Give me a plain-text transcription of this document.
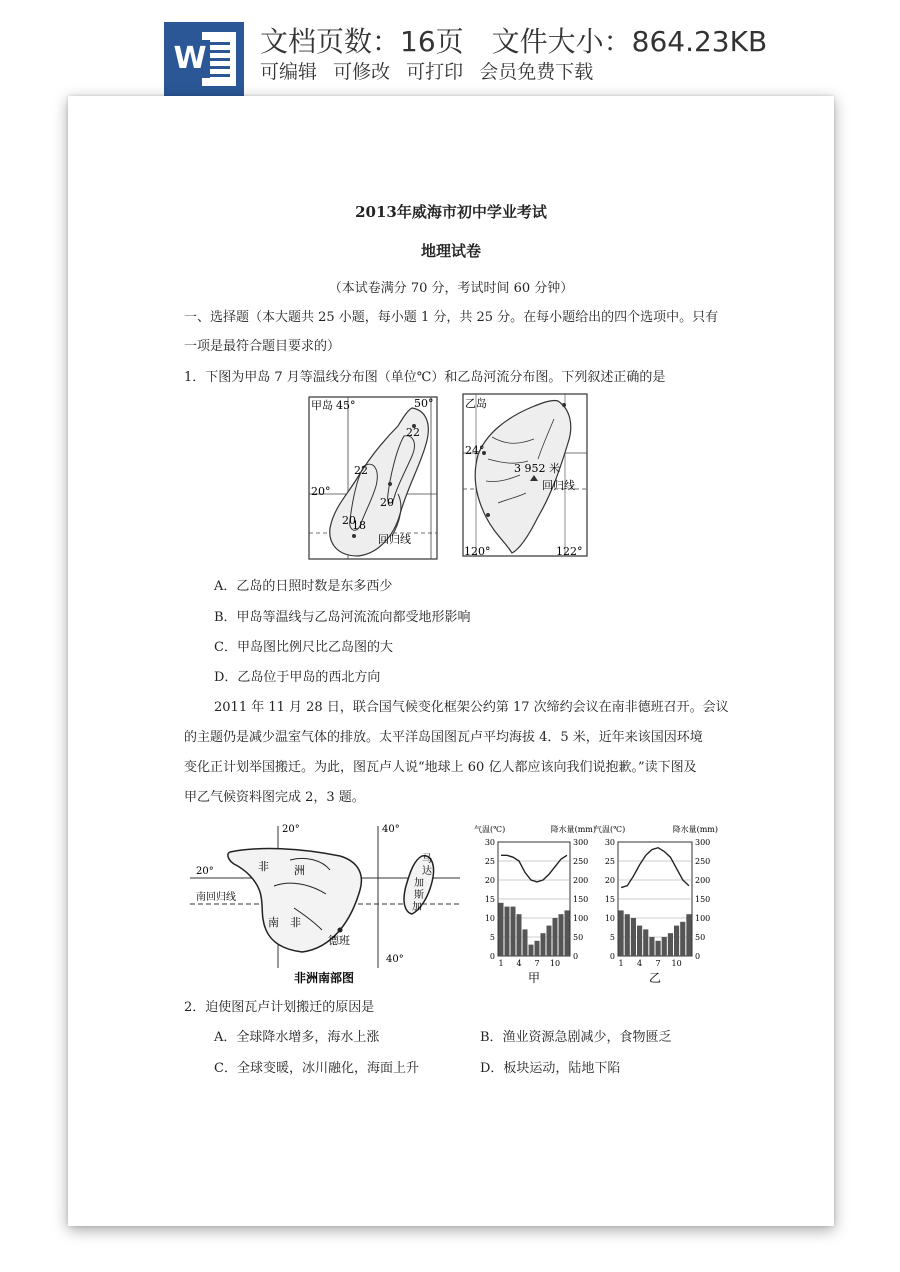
W 文档页数：16页 文件大小：864.23KB
可编辑 可修改 可打印 会员免费下载
2013年威海市初中学业考试
地理试卷
（本试卷满分 70 分，考试时间 60 分钟）
一、选择题（本大题共 25 小题，每小题 1 分，共 25 分。在每小题给出的四个选项中。只有
一项是最符合题目要求的）
1．下图为甲岛 7 月等温线分布图（单位℃）和乙岛河流分布图。下列叙述正确的是
甲岛 45°	50°
20°
22
22
20
20
18
回归线
乙岛
24°
3 952 米
回归线
120°	122°
A．乙岛的日照时数是东多西少
B．甲岛等温线与乙岛河流流向都受地形影响
C．甲岛图比例尺比乙岛图的大
D．乙岛位于甲岛的西北方向
2011 年 11 月 28 日，联合国气候变化框架公约第 17 次缔约会议在南非德班召开。会议
的主题仍是减少温室气体的排放。太平洋岛国图瓦卢平均海拔 4．5 米，近年来该国因环境
变化正计划举国搬迁。为此，图瓦卢人说“地球上 60 亿人都应该向我们说抱歉。”读下图及
甲乙气候资料图完成 2，3 题。
20°	40°
20°
南回归线
40°
非 洲
南 非
德班
马
达
加
斯
加
非洲南部图
0
5
10
15
20
25
30
0
50
100
150
200
250
300
1 4 7 10
气温(℃)	降水量(mm)
甲
0
5
10
15
20
25
30
0
50
100
150
200
250
300
1 4 7 10
气温(℃)	降水量(mm)
乙
2．迫使图瓦卢计划搬迁的原因是
A．全球降水增多，海水上涨	B．渔业资源急剧减少，食物匮乏
C．全球变暖，冰川融化，海面上升	D．板块运动，陆地下陷
